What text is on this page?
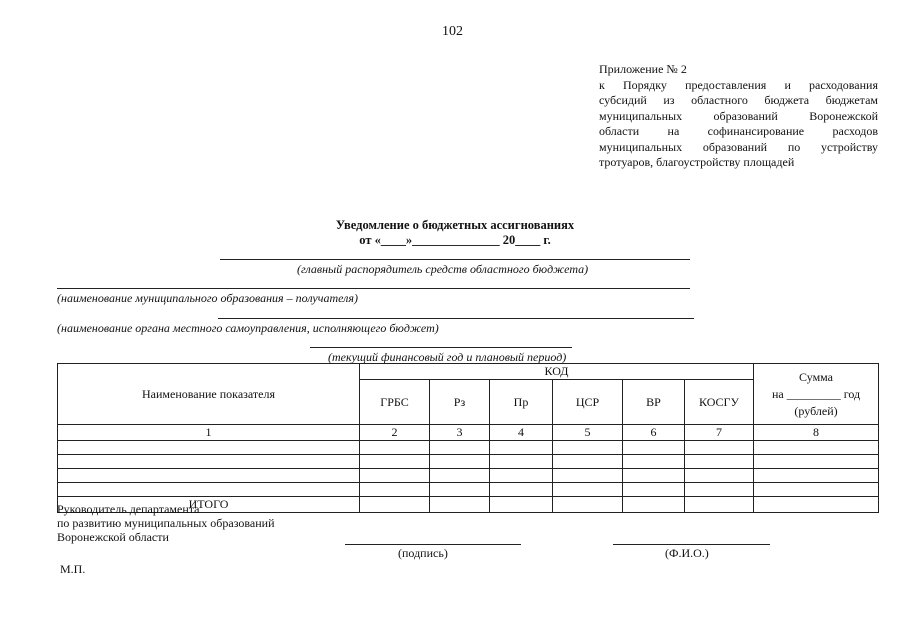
102
Приложение № 2
к Порядку предоставления и расходования
субсидий из областного бюджета бюджетам
муниципальных образований Воронежской
области на софинансирование расходов
муниципальных образований по устройству
тротуаров, благоустройству площадей
Уведомление о бюджетных ассигнованиях
от «____»______________ 20____ г.
(главный распорядитель средств областного бюджета)
(наименование муниципального образования – получателя)
(наименование органа местного самоуправления, исполняющего бюджет)
(текущий финансовый год и плановый период)
Наименование показателя	КОД						Сумма
на _________ год
(рублей)

	ГРБС	Рз	Пр	ЦСР	ВР	КОСГУ	
1	2	3	4	5	6	7	8

ИТОГО							
Руководитель департамента
по развитию муниципальных образований
Воронежской области
(подпись)	(Ф.И.О.)
М.П.
